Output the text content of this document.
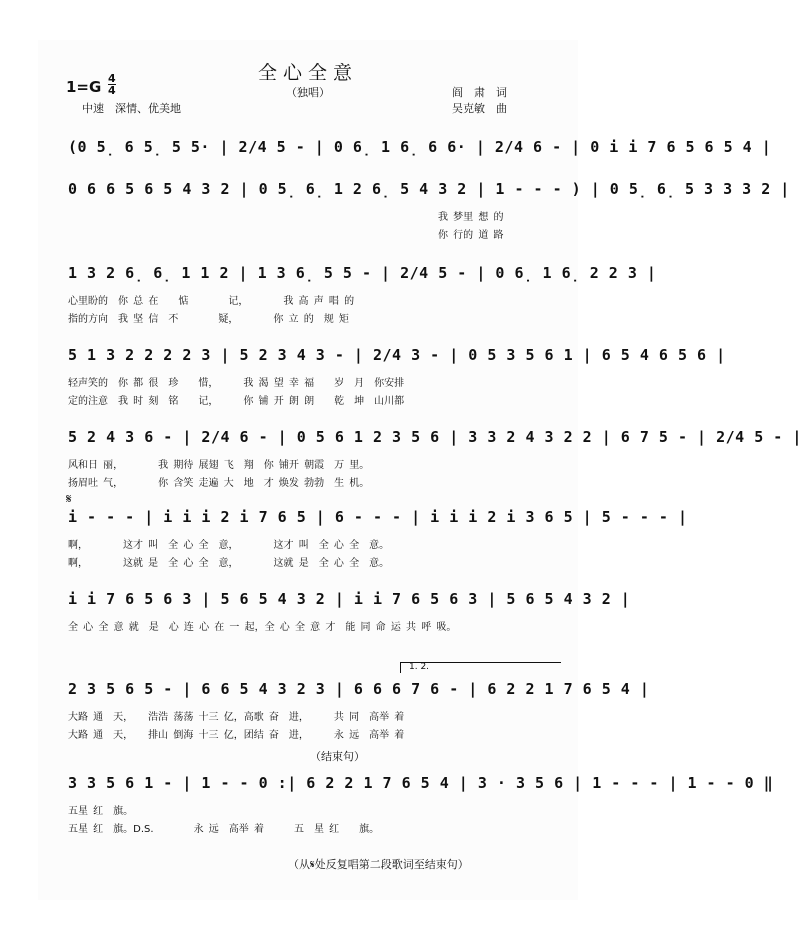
全心全意
（独唱）
1=G 4
4
中速　深情、优美地
阎　肃　词
吴克敏　曲
(0 5̣ 6 5̣ 5 5· | 2/4 5 - | 0 6̣ 1 6̣ 6 6· | 2/4 6 - | 0 i i 7 6 5 6 5 4 |
0 6 6 5 6 5 4 3 2 | 0 5̣ 6̣ 1 2 6̣ 5 4 3 2 | 1 - - - ) | 0 5̣ 6̣ 5 3 3 3 2 |
我 梦里 想 的
你 行的 道 路
1 3 2 6̣ 6̣ 1 1 2 | 1 3 6̣ 5 5 - | 2/4 5 - | 0 6̣ 1 6̣ 2 2 3 |
心里盼的　你 总 在　　惦　　　　记，　　　　我 高 声 唱 的
指的方向　我 坚 信　不　　　　疑，　　　　你 立 的　规 矩
5 1 3 2 2 2 2 3 | 5 2 3 4 3 - | 2/4 3 - | 0 5 3 5 6 1 | 6 5 4 6 5 6 |
轻声笑的　你 都 很　珍　　惜，　　　我 渴 望 幸 福　　岁　月　你安排
定的注意　我 时 刻　铭　　记，　　　你 铺 开 朗 朗　　乾　坤　山川都
5 2 4 3 6 - | 2/4 6 - | 0 5 6 1 2 3 5 6 | 3 3 2 4 3 2 2 | 6 7 5 - | 2/4 5 - |
风和日 丽，　　　　我 期待 展翅 飞　翔　你 铺开 朝霞　万 里。
扬眉吐 气，　　　　你 含笑 走遍 大　地　才 焕发 勃勃　生 机。
𝄋
i - - - | i i i 2 i 7 6 5 | 6 - - - | i i i 2 i 3 6 5 | 5 - - - |
啊，　　　　这才 叫　全 心 全　意，　　　　这才 叫　全 心 全　意。
啊，　　　　这就 是　全 心 全　意，　　　　这就 是　全 心 全　意。
i i 7 6 5 6 3 | 5 6 5 4 3 2 | i i 7 6 5 6 3 | 5 6 5 4 3 2 |
全 心 全 意 就　是　心 连 心 在 一 起，全 心 全 意 才　能 同 命 运 共 呼 吸。
1. 2.
2 3 5 6 5 - | 6 6 5 4 3 2 3 | 6 6 6 7 6 - | 6 2 2 1 7 6 5 4 |
大路 通　天，　　浩浩 荡荡 十三 亿，高歌 奋　进，　　　共 同　高举 着
大路 通　天，　　排山 倒海 十三 亿，团结 奋　进，　　　永 远　高举 着
（结束句）
3 3 5 6 1 - | 1 - - 0 :| 6 2 2 1 7 6 5 4 | 3 · 3 5 6 | 1 - - - | 1 - - 0 ‖
五星 红　旗。
五星 红　旗。D.S.　　　　永 远　高举 着　　　五　星 红　　旗。
（从𝄋处反复唱第二段歌词至结束句）
